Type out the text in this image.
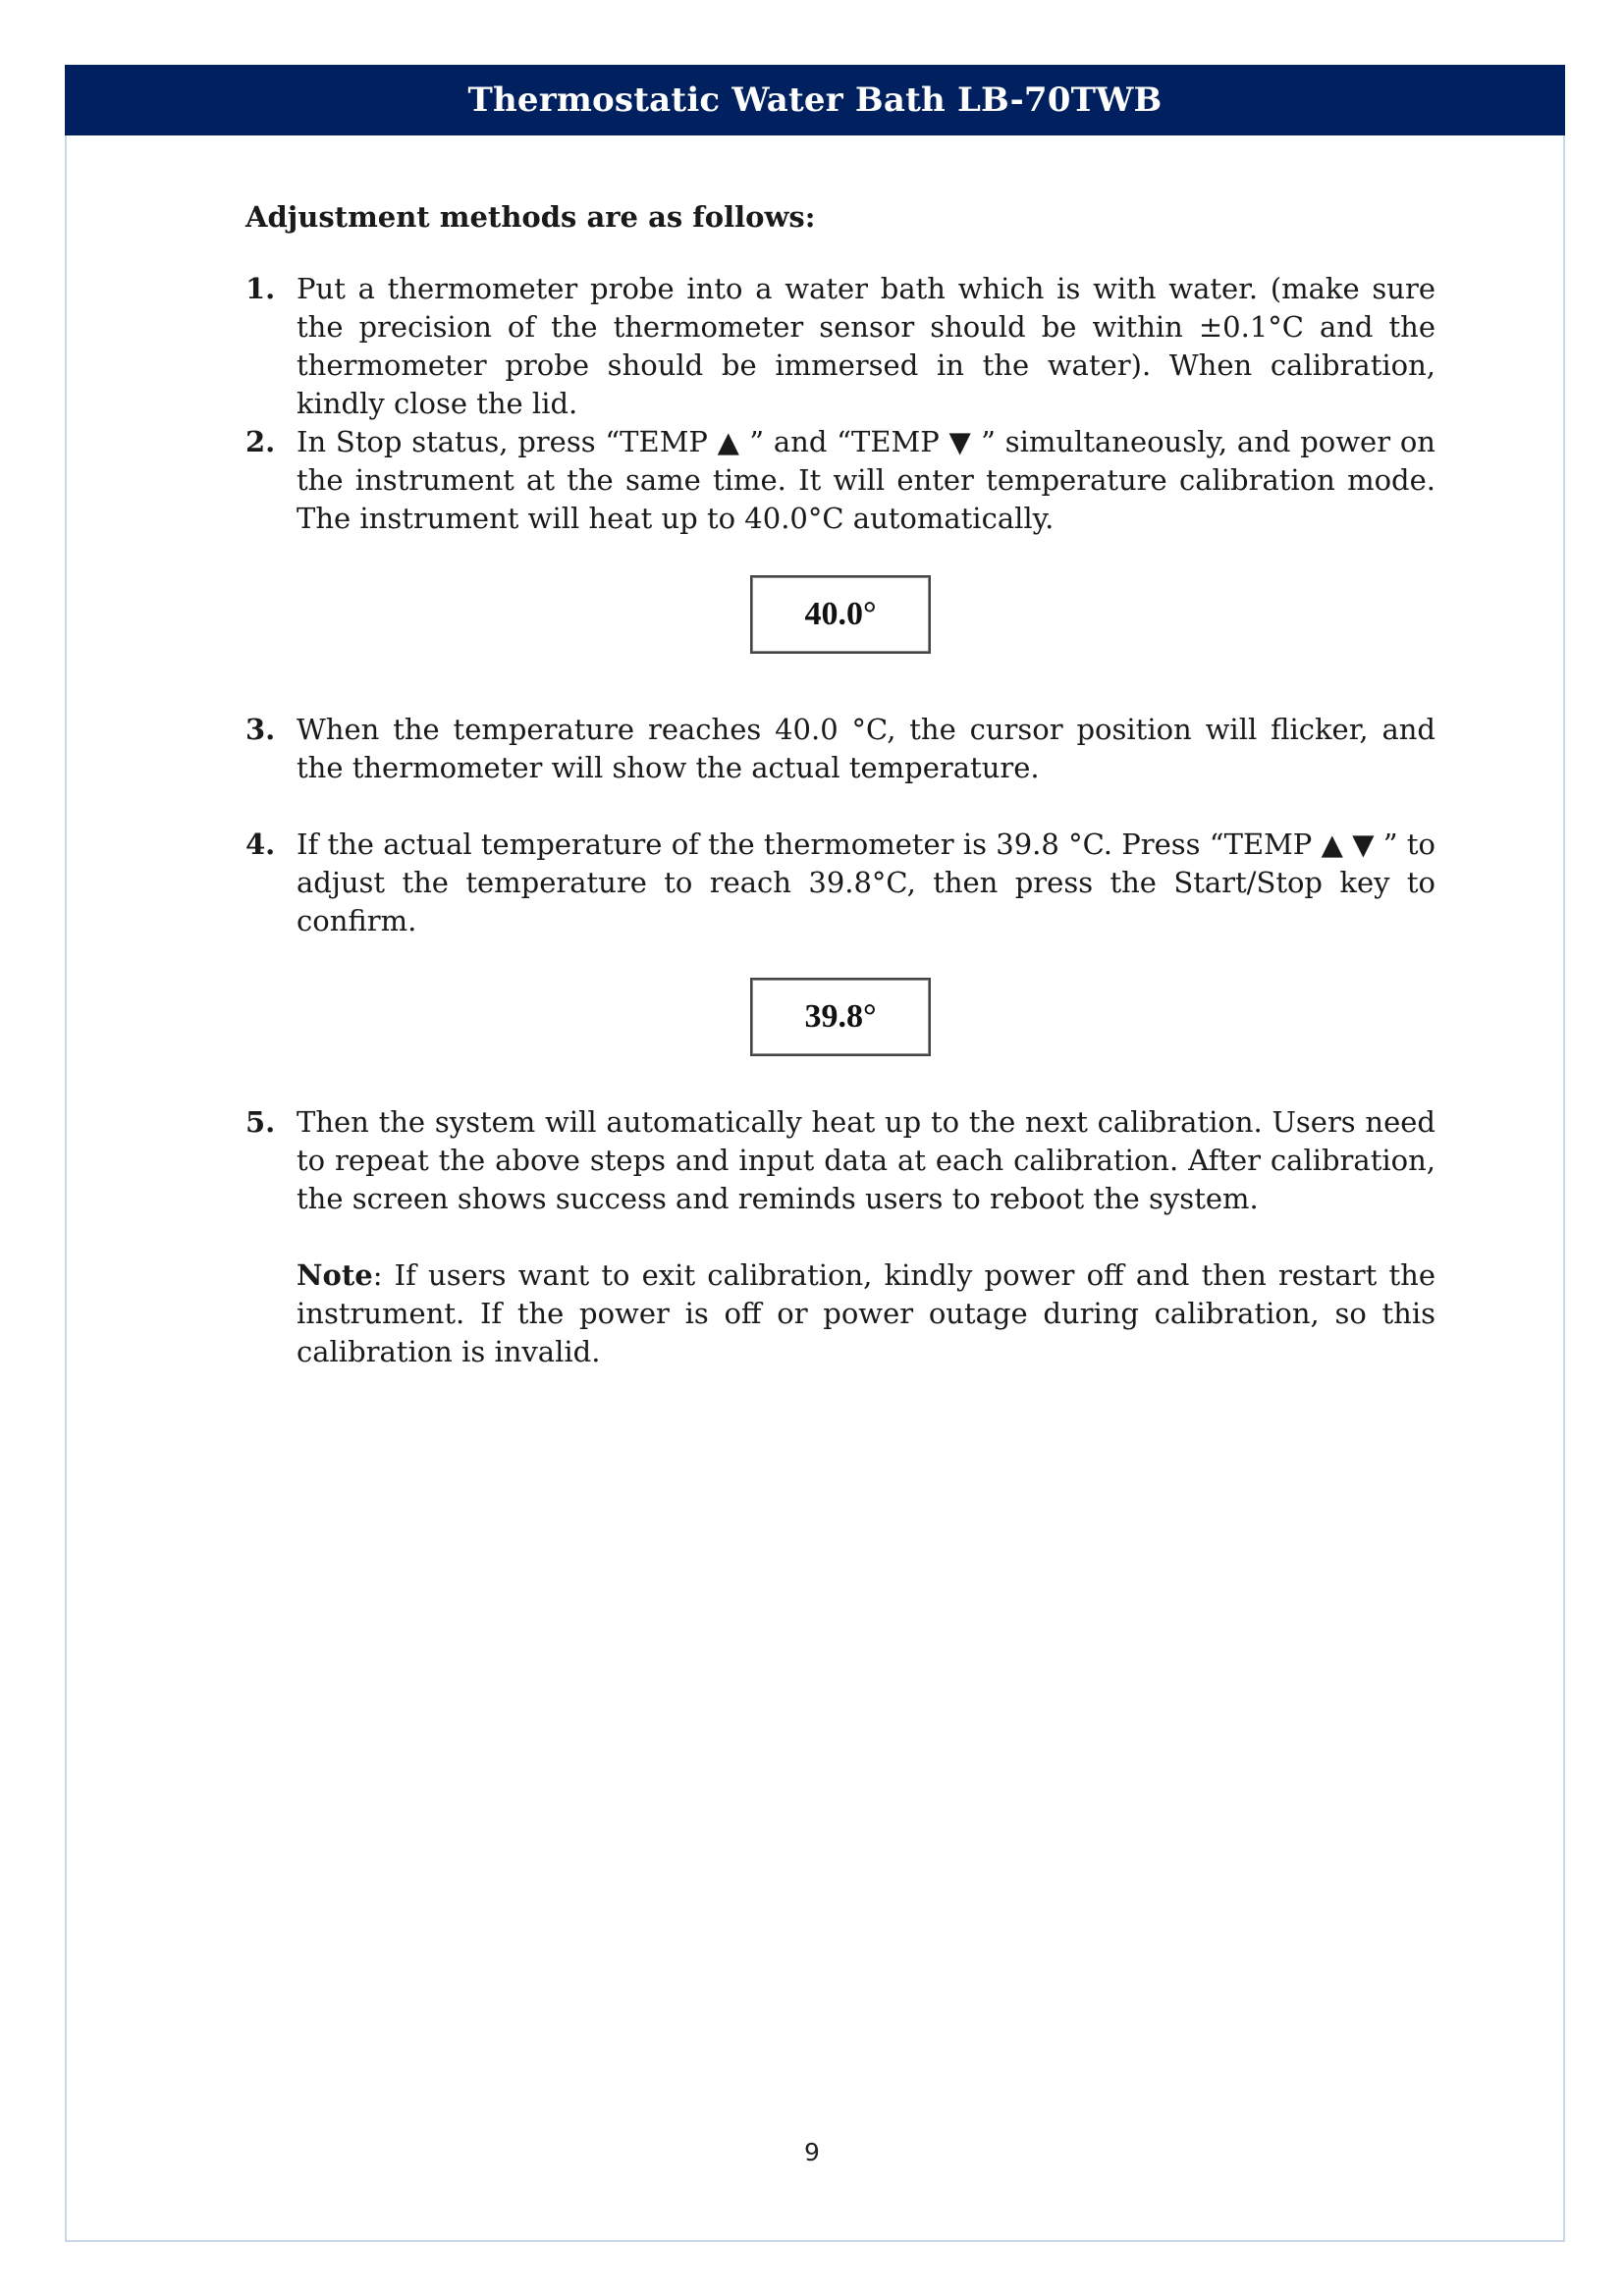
Thermostatic Water Bath LB-70TWB
Adjustment methods are as follows:
1. Put a thermometer probe into a water bath which is with water. (make sure the precision of the thermometer sensor should be within ±0.1°C and the thermometer probe should be immersed in the water). When calibration, kindly close the lid.
2. In Stop status, press “TEMP ▲ ” and “TEMP ▼ ” simultaneously, and power on the instrument at the same time. It will enter temperature calibration mode. The instrument will heat up to 40.0°C automatically.
40.0°
3. When the temperature reaches 40.0 °C, the cursor position will flicker, and the thermometer will show the actual temperature.
4. If the actual temperature of the thermometer is 39.8 °C. Press “TEMP ▲ ▼ ” to adjust the temperature to reach 39.8°C, then press the Start/Stop key to confirm.
39.8°
5. Then the system will automatically heat up to the next calibration. Users need to repeat the above steps and input data at each calibration. After calibration, the screen shows success and reminds users to reboot the system.
Note: If users want to exit calibration, kindly power off and then restart the instrument. If the power is off or power outage during calibration, so this calibration is invalid.
9
